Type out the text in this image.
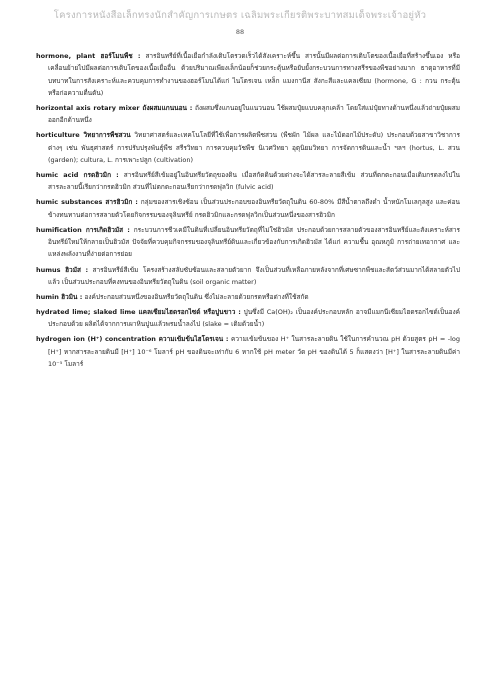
โครงการหนังสือเล็กทรงนักสำคัญการเกษตร เฉลิมพระเกียรติพระบาทสมเด็จพระเจ้าอยู่หัว
88

hormone, plant ฮอร์โมนพืช : สารอินทรีย์ที่เนื้อเยื่อกำลังเติบโตรวดเร็วได้สังเคราะห์ขึ้น สารนั้นมีผลต่อการเติบโตของเนื้อเยื่อที่สร้างขึ้นเอง หรือเคลื่อนย้ายไปมีผลต่อการเติบโตของเนื้อเยื่ออื่น ด้วยปริมาณเพียงเล็กน้อยก็ช่วยกระตุ้นหรือยับยั้งกระบวนการทางสรีรของพืชอย่างมาก ธาตุอาหารที่มีบทบาทในการสังเคราะห์และควบคุมการทำงานของฮอร์โมนได้แก่ ไนโตรเจน เหล็ก แมงกานีส สังกะสีและแคลเซียม (hormone, G : กวน กระตุ้น หรือก่อความตื่นตัน)

horizontal axis rotary mixer ถังผสมแกนนอน : ถังผสมซึ่งแกนอยู่ในแนวนอน ใช้ผสมปุ๋ยแบบคลุกเคล้า โดยใส่แม่ปุ๋ยทางด้านหนึ่งแล้วถ่ายปุ๋ยผสมออกอีกด้านหนึ่ง

horticulture วิทยาการพืชสวน วิทยาศาสตร์และเทคโนโลยีที่ใช้เพื่อการผลิตพืชสวน (พืชผัก ไม้ผล และไม้ดอกไม้ประดับ) ประกอบด้วยสาขาวิชาการต่างๆ เช่น พันธุศาสตร์ การปรับปรุงพันธุ์พืช สรีรวิทยา การควบคุมวัชพืช นิเวศวิทยา อุตุนิยมวิทยา การจัดการดินและน้ำ ฯลฯ (hortus, L. สวน (garden); cultura, L. การเพาะปลูก (cultivation)

humic acid กรดฮิวมิก : สารอินทรีย์สีเข้มอยู่ในอินทรียวัตถุของดิน เมื่อสกัดดินด้วยด่างจะได้สารละลายสีเข้ม ส่วนที่ตกตะกอนเมื่อเติมกรดลงไปในสารละลายนี้เรียกว่ากรดฮิวมิก ส่วนที่ไม่ตกตะกอนเรียกว่ากรดฟุลวิก (fulvic acid)

humic substances สารฮิวมิก : กลุ่มของสารเชิงซ้อน เป็นส่วนประกอบของอินทรียวัตถุในดิน 60-80% มีสีน้ำตาลถึงดำ น้ำหนักโมเลกุลสูง และค่อนข้างทนทานต่อการสลายตัวโดยกิจกรรมของจุลินทรีย์ กรดฮิวมิกและกรดฟุลวิกเป็นส่วนหนึ่งของสารฮิวมิก

humification การเกิดฮิวมัส : กระบวนการชีวเคมีในดินที่เปลี่ยนอินทรียวัตถุที่ไม่ใช่ฮิวมัส ประกอบด้วยการสลายตัวของสารอินทรีย์และสังเคราะห์สารอินทรีย์ใหม่ให้กลายเป็นฮิวมัส ปัจจัยที่ควบคุมกิจกรรมของจุลินทรีย์ดินและเกี่ยวข้องกับการเกิดฮิวมัส ได้แก่ ความชื้น อุณหภูมิ การถ่ายเทอากาศ และแหล่งพลังงานที่ง่ายต่อการย่อย

humus ฮิวมัส : สารอินทรีย์สีเข้ม โครงสร้างสลับซับซ้อนและสลายตัวยาก จึงเป็นส่วนที่เหลือภายหลังจากที่เศษซากพืชและสัตว์ส่วนมากได้สลายตัวไปแล้ว เป็นส่วนประกอบที่คงทนของอินทรียวัตถุในดิน (soil organic matter)

humin ฮิวมิน : องค์ประกอบส่วนหนึ่งของอินทรียวัตถุในดิน ซึ่งไม่ละลายด้วยกรดหรือด่างที่ใช้สกัด

hydrated lime; slaked lime แคลเซียมไฮดรอกไซด์ หรือปูนขาว : ปูนซึ่งมี Ca(OH)₂ เป็นองค์ประกอบหลัก อาจมีแมกนีเซียมไฮดรอกไซด์เป็นองค์ประกอบด้วย ผลิตได้จากการเผาหินปูนแล้วพรมน้ำลงไป (slake = เติมด้วยน้ำ)

hydrogen ion (H⁺) concentration ความเข้มข้นไฮโดรเจน : ความเข้มข้นของ H⁺ ในสารละลายดิน ใช้ในการคำนวณ pH ด้วยสูตร pH = -log [H⁺] หากสารละลายดินมี [H⁺] 10⁻⁶ โมลาร์ pH ของดินจะเท่ากับ 6 หากใช้ pH meter วัด pH ของดินได้ 5 ก็แสดงว่า [H⁺] ในสารละลายดินมีค่า 10⁻⁵ โมลาร์
